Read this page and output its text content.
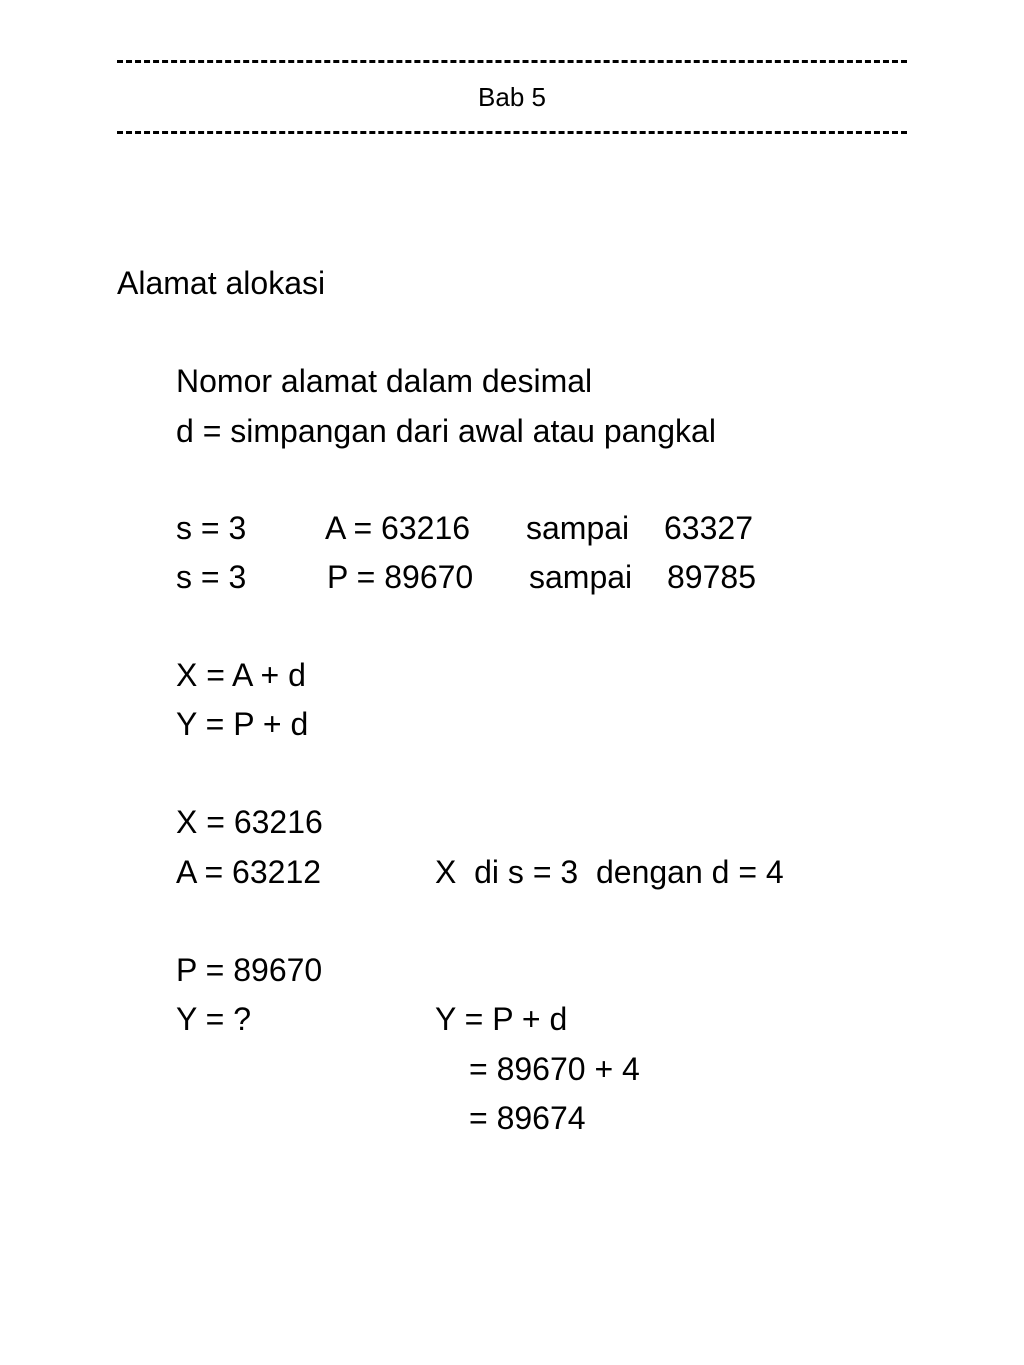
Bab 5
Alamat alokasi
Nomor alamat dalam desimal
d = simpangan dari awal atau pangkal
s = 3 A = 63216 sampai 63327
s = 3	P = 89670 sampai 89785
X = A + d
Y = P + d
X = 63216
A = 63212	X  di s = 3  dengan d = 4
P = 89670
Y = ?	Y = P + d
= 89670 + 4
= 89674
